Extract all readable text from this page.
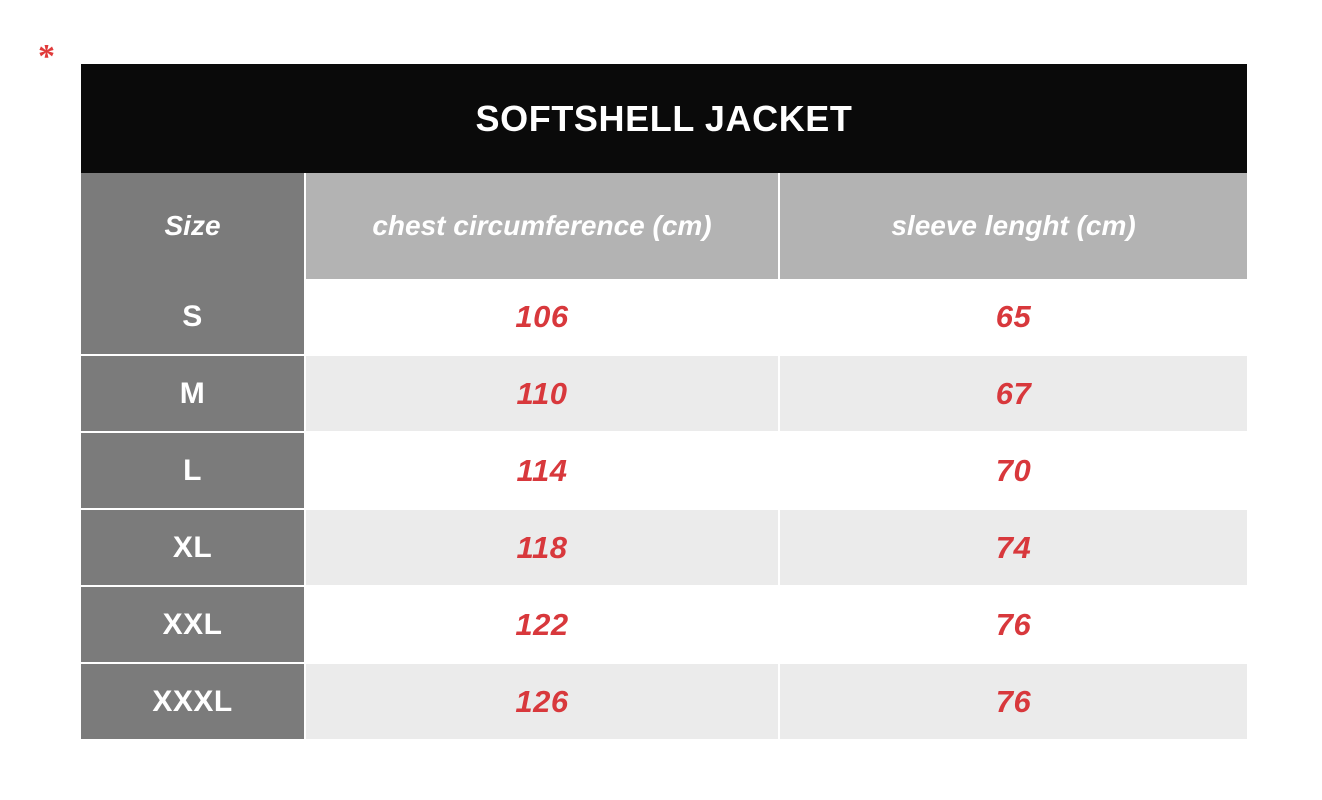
*
SOFTSHELL JACKET		
Size	chest circumference (cm)	sleeve lenght (cm)
S	106	65
M	110	67
L	114	70
XL	118	74
XXL	122	76
XXXL	126	76
